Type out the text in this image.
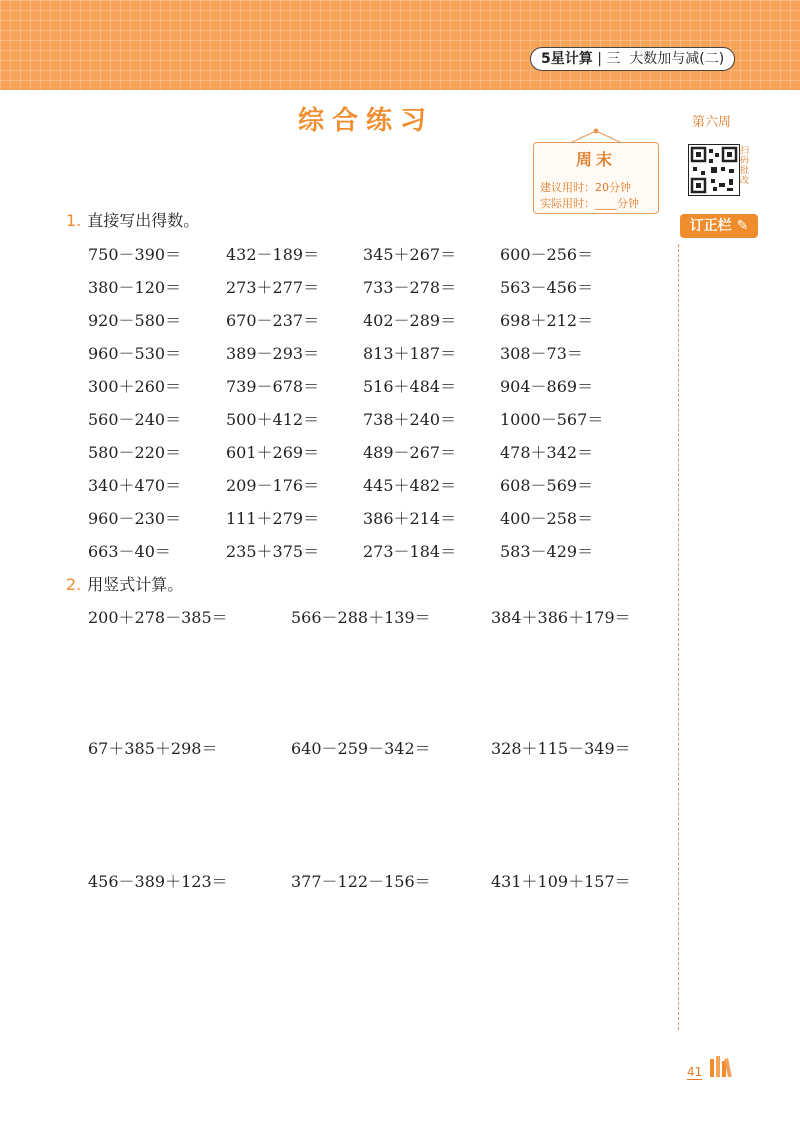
5星计算 | 三 大数加与减(二)
综合练习
周末
建议用时：20分钟
实际用时：____分钟
第六周
扫码批改
订正栏 ✎
1. 直接写出得数。
750－390＝	432－189＝	345＋267＝	600－256＝
380－120＝	273＋277＝	733－278＝	563－456＝
920－580＝	670－237＝	402－289＝	698＋212＝
960－530＝	389－293＝	813＋187＝	308－73＝
300＋260＝	739－678＝	516＋484＝	904－869＝
560－240＝	500＋412＝	738＋240＝	1000－567＝
580－220＝	601＋269＝	489－267＝	478＋342＝
340＋470＝	209－176＝	445＋482＝	608－569＝
960－230＝	111＋279＝	386＋214＝	400－258＝
663－40＝	235＋375＝	273－184＝	583－429＝
2. 用竖式计算。
200＋278－385＝	566－288＋139＝	384＋386＋179＝
67＋385＋298＝	640－259－342＝	328＋115－349＝
456－389＋123＝	377－122－156＝	431＋109＋157＝
41
